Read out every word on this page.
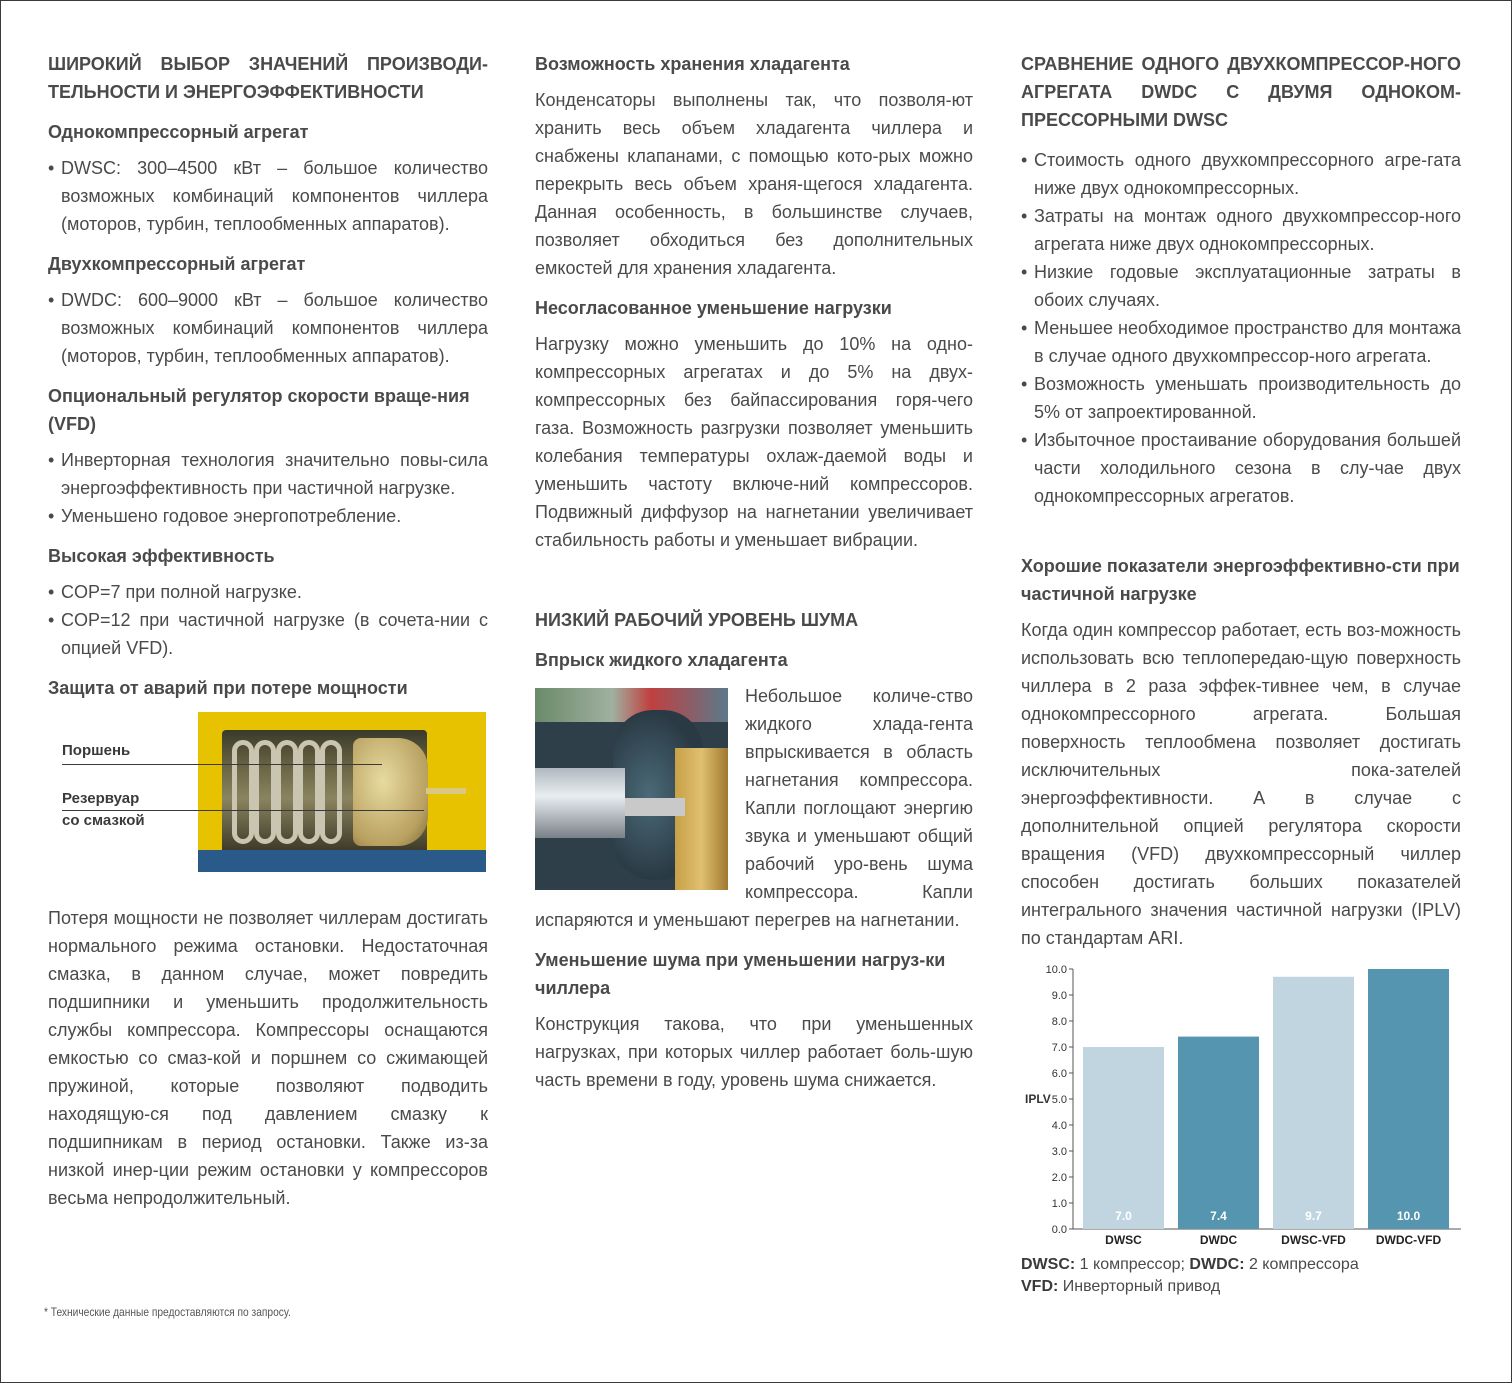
ШИРОКИЙ ВЫБОР ЗНАЧЕНИЙ ПРОИЗВОДИ-ТЕЛЬНОСТИ И ЭНЕРГОЭФФЕКТИВНОСТИ
Однокомпрессорный агрегат
• DWSC: 300–4500 кВт – большое количество возможных комбинаций компонентов чиллера (моторов, турбин, теплообменных аппаратов).
Двухкомпрессорный агрегат
• DWDC: 600–9000 кВт – большое количество возможных комбинаций компонентов чиллера (моторов, турбин, теплообменных аппаратов).
Опциональный регулятор скорости враще-ния (VFD)
• Инверторная технология значительно повы-сила энергоэффективность при частичной нагрузке.
• Уменьшено годовое энергопотребление.
Высокая эффективность
• COP=7 при полной нагрузке.
• COP=12 при частичной нагрузке (в сочета-нии с опцией VFD).
Защита от аварий при потере мощности
Поршень
Резервуар
со смазкой
Потеря мощности не позволяет чиллерам достигать нормального режима остановки. Недостаточная смазка, в данном случае, может повредить подшипники и уменьшить продолжительность службы компрессора. Компрессоры оснащаются емкостью со смаз-кой и поршнем со сжимающей пружиной, которые позволяют подводить находящую-ся под давлением смазку к подшипникам в период остановки. Также из-за низкой инер-ции режим остановки у компрессоров весьма непродолжительный.
Возможность хранения хладагента
Конденсаторы выполнены так, что позволя-ют хранить весь объем хладагента чиллера и снабжены клапанами, с помощью кото-рых можно перекрыть весь объем храня-щегося хладагента. Данная особенность, в большинстве случаев, позволяет обходиться без дополнительных емкостей для хранения хладагента.
Несогласованное уменьшение нагрузки
Нагрузку можно уменьшить до 10% на одно-компрессорных агрегатах и до 5% на двух-компрессорных без байпассирования горя-чего газа. Возможность разгрузки позволяет уменьшить колебания температуры охлаж-даемой воды и уменьшить частоту включе-ний компрессоров. Подвижный диффузор на нагнетании увеличивает стабильность работы и уменьшает вибрации.
НИЗКИЙ РАБОЧИЙ УРОВЕНЬ ШУМА
Впрыск жидкого хладагента
Небольшое количе-ство жидкого хлада-гента впрыскивается в область нагнетания компрессора. Капли поглощают энергию звука и уменьшают общий рабочий уро-вень шума компрессора. Капли испаряются и уменьшают перегрев на нагнетании.
Уменьшение шума при уменьшении нагруз-ки чиллера
Конструкция такова, что при уменьшенных нагрузках, при которых чиллер работает боль-шую часть времени в году, уровень шума снижается.
СРАВНЕНИЕ ОДНОГО ДВУХКОМПРЕССОР-НОГО АГРЕГАТА DWDC С ДВУМЯ ОДНОКОМ-ПРЕССОРНЫМИ DWSC
• Стоимость одного двухкомпрессорного агре-гата ниже двух однокомпрессорных.
• Затраты на монтаж одного двухкомпрессор-ного агрегата ниже двух однокомпрессорных.
• Низкие годовые эксплуатационные затраты в обоих случаях.
• Меньшее необходимое пространство для монтажа в случае одного двухкомпрессор-ного агрегата.
• Возможность уменьшать производительность до 5% от запроектированной.
• Избыточное простаивание оборудования большей части холодильного сезона в слу-чае двух однокомпрессорных агрегатов.
Хорошие показатели энергоэффективно-сти при частичной нагрузке
Когда один компрессор работает, есть воз-можность использовать всю теплопередаю-щую поверхность чиллера в 2 раза эффек-тивнее чем, в случае однокомпрессорного агрегата. Большая поверхность теплообмена позволяет достигать исключительных пока-зателей энергоэффективности. А в случае с дополнительной опцией регулятора скорости вращения (VFD) двухкомпрессорный чиллер способен достигать больших показателей интегрального значения частичной нагрузки (IPLV) по стандартам ARI.
0.0
1.0
2.0
3.0
4.0
5.0
6.0
7.0
8.0
9.0
10.0
IPLV
7.0
DWSC
7.4
DWDC
9.7
DWSC-VFD
10.0
DWDC-VFD

DWSC: 1 компрессор; DWDC: 2 компрессора

VFD: Инверторный привод

* Технические данные предоставляются по запросу.
